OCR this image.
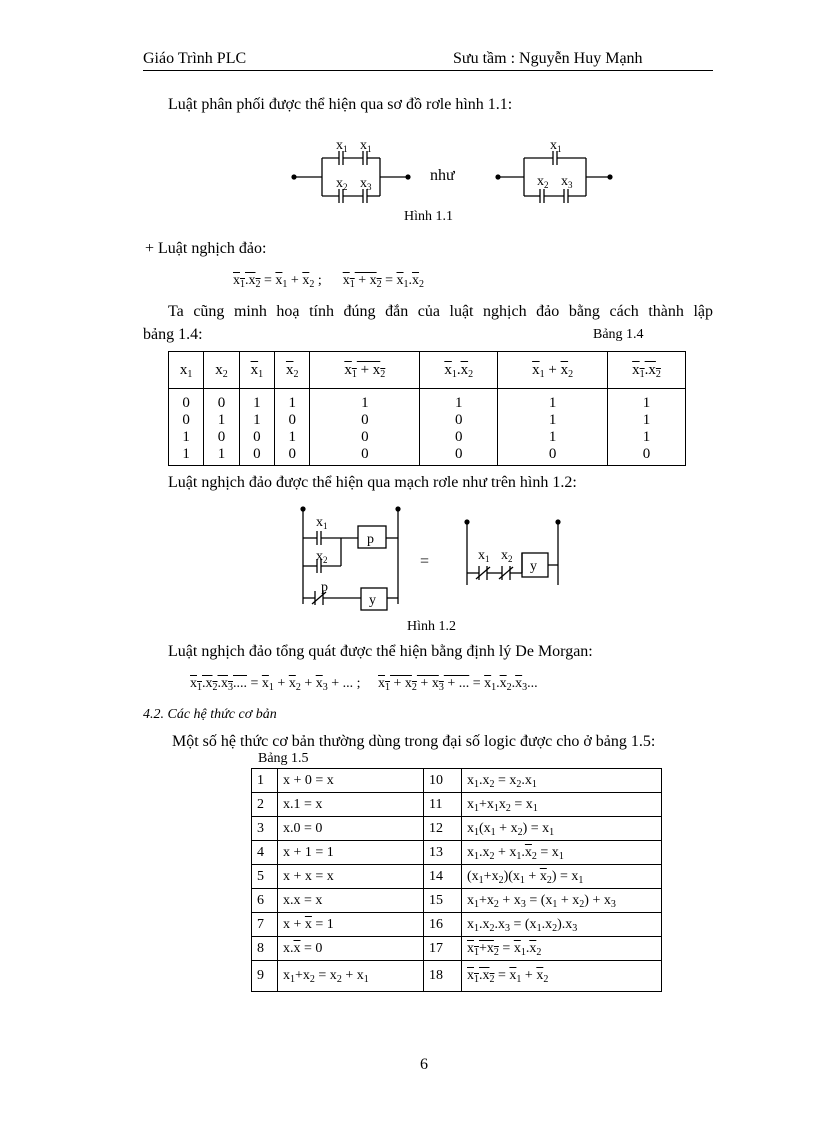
Giáo Trình PLC	Sưu tầm : Nguyễn Huy Mạnh
Luật phân phối được thể hiện qua sơ đồ rơle hình 1.1:
$x_1$ $x_1$
$x_2$ $x_3$
$x_1$
$x_2$ $x_3$
như
Hình 1.1
+ Luật nghịch đảo:
$x_1.x_2 = \overline{x}_1 + \overline{x}_2$ ;      $x_1 + x_2 = \overline{x}_1.\overline{x}_2$
Ta cũng minh hoạ tính đúng đắn của luật nghịch đảo bằng cách thành lập
bảng 1.4:	Bảng 1.4
$x_1$	$x_2$	$\overline{x}_1$	$\overline{x}_2$	$x_1 + x_2$	$\overline{x}_1.\overline{x}_2$	$\overline{x}_1 + \overline{x}_2$	$x_1.x_2$
0	0	1	1	1	1	1	1
0	1	1	0	0	0	1	1
1	0	0	1	0	0	1	1
1	1	0	0	0	0	0	0
Luật nghịch đảo được thể hiện qua mạch rơle như trên hình 1.2:
$x_1$
$x_2$
p
$x_1$ $x_2$
p
y
y
=
Hình 1.2
Luật nghịch đảo tổng quát được thể hiện bằng định lý De Morgan:
$x_1.x_2.x_3$.... = $\overline{x}_1 + \overline{x}_2 + \overline{x}_3$ + ... ;     $x_1 + x_2 + x_3$ + ... = $\overline{x}_1.\overline{x}_2.\overline{x}_3$...
4.2. Các hệ thức cơ bản
Một số hệ thức cơ bản thường dùng trong đại số logic được cho ở bảng 1.5:
Bảng 1.5
1	x + 0 = x	10	$x_1.x_2 = x_2.x_1$
2	x.1 = x	11	$x_1+x_1x_2 = x_1$
3	x.0 = 0	12	$x_1(x_1 + x_2) = x_1$
4	x + 1 = 1	13	$x_1.x_2 + x_1.\overline{x}_2 = x_1$
5	x + x = x	14	$(x_1+x_2)(x_1 + \overline{x}_2) = x_1$
6	x.x = x	15	$x_1+x_2 + x_3 = (x_1 + x_2) + x_3$
7	$x + \overline{x} = 1$	16	$x_1.x_2.x_3 = (x_1.x_2).x_3$
8	$x.\overline{x} = 0$	17	$x_1+x_2 = \overline{x}_1.\overline{x}_2$
9	$x_1+x_2 = x_2 + x_1$	18	$x_1.x_2 = \overline{x}_1 + \overline{x}_2$
6
